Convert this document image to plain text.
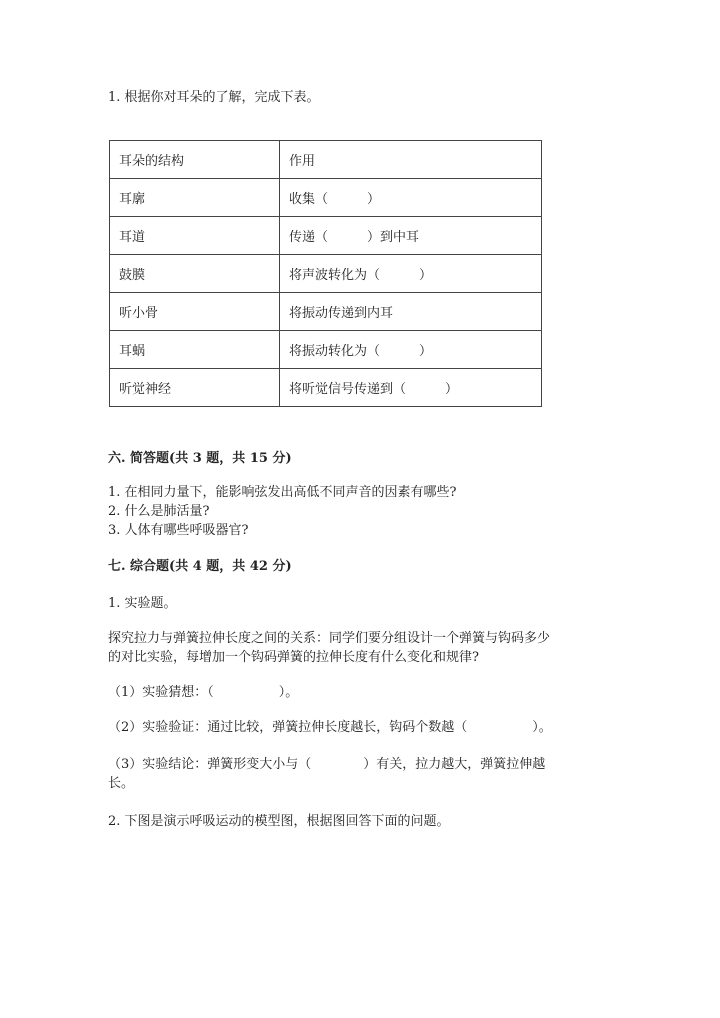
1. 根据你对耳朵的了解，完成下表。
耳朵的结构	作用
耳廓	收集（　　　）
耳道	传递（　　　）到中耳
鼓膜	将声波转化为（　　　）
听小骨	将振动传递到内耳
耳蜗	将振动转化为（　　　）
听觉神经	将听觉信号传递到（　　　）
六. 简答题(共 3 题，共 15 分)
1. 在相同力量下，能影响弦发出高低不同声音的因素有哪些?
2. 什么是肺活量?
3. 人体有哪些呼吸器官?
七. 综合题(共 4 题，共 42 分)
1. 实验题。
探究拉力与弹簧拉伸长度之间的关系：同学们要分组设计一个弹簧与钩码多少
的对比实验，每增加一个钩码弹簧的拉伸长度有什么变化和规律?
（1）实验猜想：（　　　　　）。
（2）实验验证：通过比较，弹簧拉伸长度越长，钩码个数越（　　　　　）。
（3）实验结论：弹簧形变大小与（　　　　）有关，拉力越大，弹簧拉伸越
长。
2. 下图是演示呼吸运动的模型图，根据图回答下面的问题。
